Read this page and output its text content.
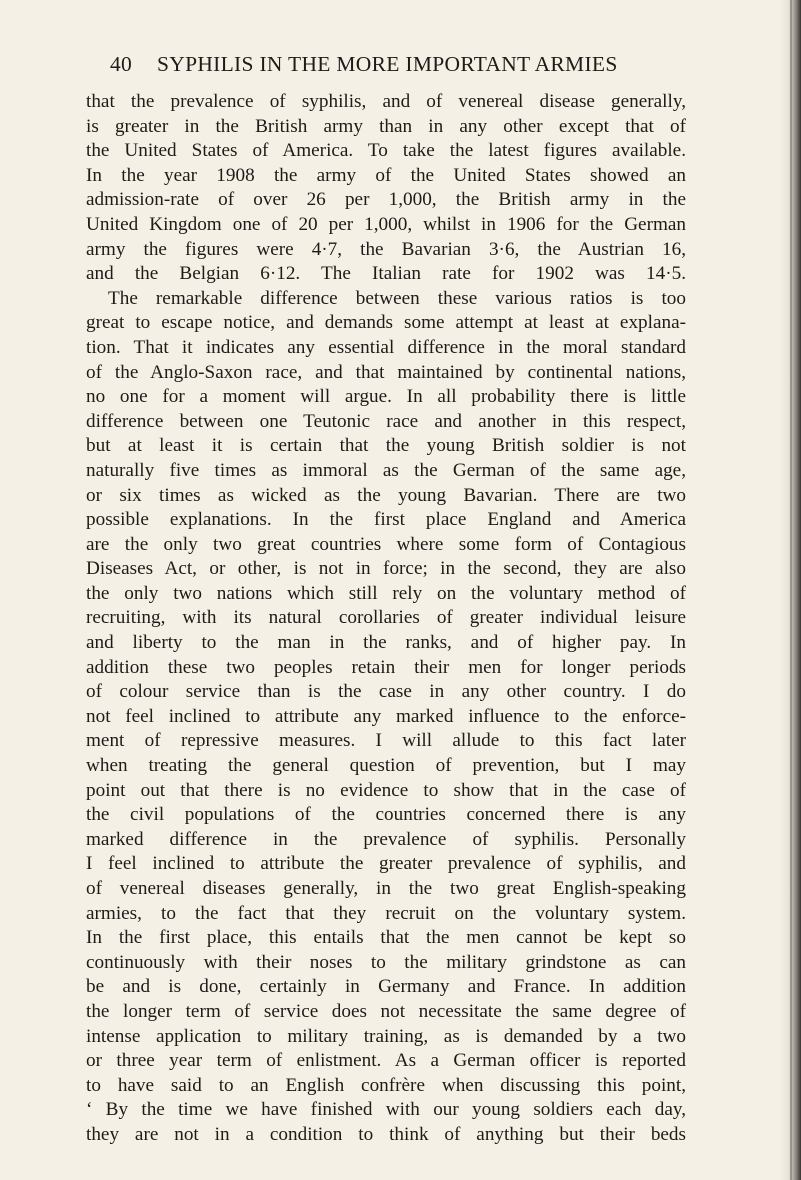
40 SYPHILIS IN THE MORE IMPORTANT ARMIES
that the prevalence of syphilis, and of venereal disease generally,
is greater in the British army than in any other except that of
the United States of America. To take the latest figures available.
In the year 1908 the army of the United States showed an
admission-rate of over 26 per 1,000, the British army in the
United Kingdom one of 20 per 1,000, whilst in 1906 for the German
army the figures were 4·7, the Bavarian 3·6, the Austrian 16,
and the Belgian 6·12. The Italian rate for 1902 was 14·5.
The remarkable difference between these various ratios is too
great to escape notice, and demands some attempt at least at explana-
tion. That it indicates any essential difference in the moral standard
of the Anglo-Saxon race, and that maintained by continental nations,
no one for a moment will argue. In all probability there is little
difference between one Teutonic race and another in this respect,
but at least it is certain that the young British soldier is not
naturally five times as immoral as the German of the same age,
or six times as wicked as the young Bavarian. There are two
possible explanations. In the first place England and America
are the only two great countries where some form of Contagious
Diseases Act, or other, is not in force; in the second, they are also
the only two nations which still rely on the voluntary method of
recruiting, with its natural corollaries of greater individual leisure
and liberty to the man in the ranks, and of higher pay. In
addition these two peoples retain their men for longer periods
of colour service than is the case in any other country. I do
not feel inclined to attribute any marked influence to the enforce-
ment of repressive measures. I will allude to this fact later
when treating the general question of prevention, but I may
point out that there is no evidence to show that in the case of
the civil populations of the countries concerned there is any
marked difference in the prevalence of syphilis. Personally
I feel inclined to attribute the greater prevalence of syphilis, and
of venereal diseases generally, in the two great English-speaking
armies, to the fact that they recruit on the voluntary system.
In the first place, this entails that the men cannot be kept so
continuously with their noses to the military grindstone as can
be and is done, certainly in Germany and France. In addition
the longer term of service does not necessitate the same degree of
intense application to military training, as is demanded by a two
or three year term of enlistment. As a German officer is reported
to have said to an English confrère when discussing this point,
‘ By the time we have finished with our young soldiers each day,
they are not in a condition to think of anything but their beds
